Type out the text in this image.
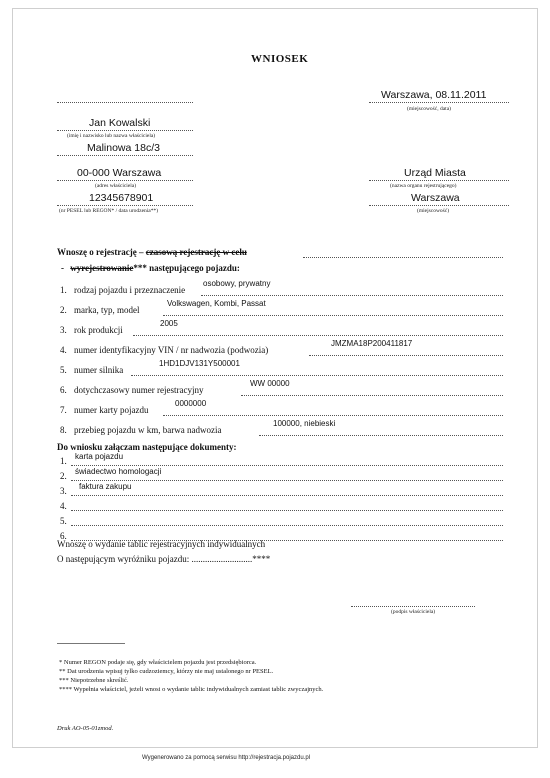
WNIOSEK
Warszawa, 08.11.2011
(miejscowość, data)
Jan Kowalski
(imię i nazwisko lub nazwa właściciela)
Malinowa 18c/3
00-000 Warszawa
(adres właściciela)
12345678901
(nr PESEL lub REGON* / data urodzenia**)
Urząd Miasta
(nazwa organu rejestrującego)
Warszawa
(miejscowość)
Wnoszę o rejestrację – czasową rejestrację w celu
- wyrejestrowanie*** następującego pojazdu:
1. rodzaj pojazdu i przeznaczenie
osobowy, prywatny
2. marka, typ, model
Volkswagen, Kombi, Passat
3. rok produkcji
2005
4. numer identyfikacyjny VIN / nr nadwozia (podwozia)
JMZMA18P200411817
5. numer silnika
1HD1DJV131Y500001
6. dotychczasowy numer rejestracyjny
WW 00000
7. numer karty pojazdu
0000000
8. przebieg pojazdu w km, barwa nadwozia
100000, niebieski
Do wniosku załączam następujące dokumenty:
1. karta pojazdu
2. świadectwo homologacji
3. faktura zakupu
4.
5.
6.
Wnoszę o wydanie tablic rejestracyjnych indywidualnych
O następującym wyróżniku pojazdu: ...........................****
(podpis właściciela)
* Numer REGON podaje się, gdy właścicielem pojazdu jest przedsiębiorca.
** Dat urodzenia wpisuj tylko cudzoziemcy, którzy nie maj ustalonego nr PESEL.
*** Niepotrzebne skreślić.
**** Wypełnia właściciel, jeżeli wnosi o wydanie tablic indywidualnych zamiast tablic zwyczajnych.
Druk AO-05-01zmod.
Wygenerowano za pomocą serwisu http://rejestracja.pojazdu.pl
